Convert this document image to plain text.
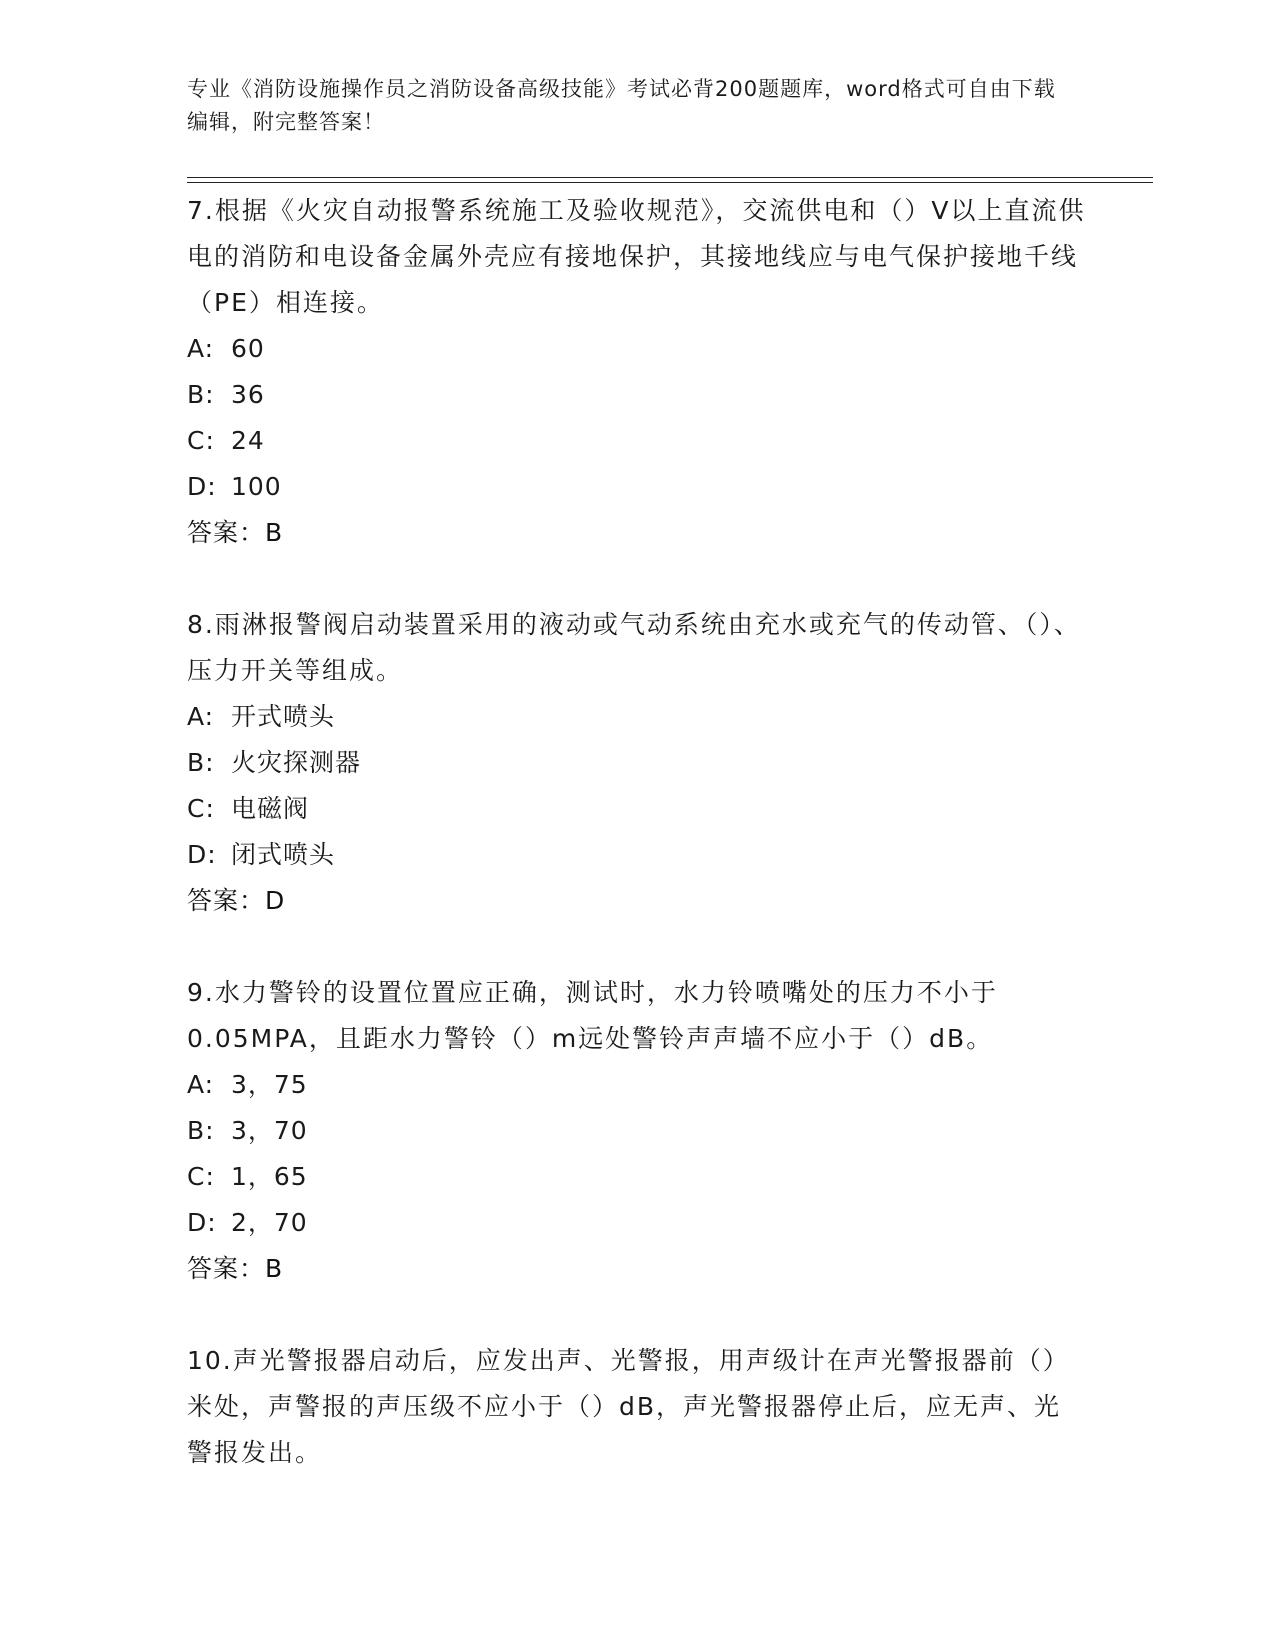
专业《消防设施操作员之消防设备高级技能》考试必背200题题库，word格式可自由下载编辑，附完整答案！

7.根据《火灾自动报警系统施工及验收规范》，交流供电和（）V以上直流供电的消防和电设备金属外壳应有接地保护，其接地线应与电气保护接地千线（PE）相连接。

A: 60

B: 36

C: 24

D: 100

答案：B

8.雨淋报警阀启动装置采用的液动或气动系统由充水或充气的传动管、（）、压力开关等组成。

A: 开式喷头

B: 火灾探测器

C: 电磁阀

D: 闭式喷头

答案：D

9.水力警铃的设置位置应正确，测试时，水力铃喷嘴处的压力不小于0.05MPA，且距水力警铃（）m远处警铃声声墙不应小于（）dB。

A: 3，75

B: 3，70

C: 1，65

D: 2，70

答案：B

10.声光警报器启动后，应发出声、光警报，用声级计在声光警报器前（）米处，声警报的声压级不应小于（）dB，声光警报器停止后，应无声、光警报发出。
